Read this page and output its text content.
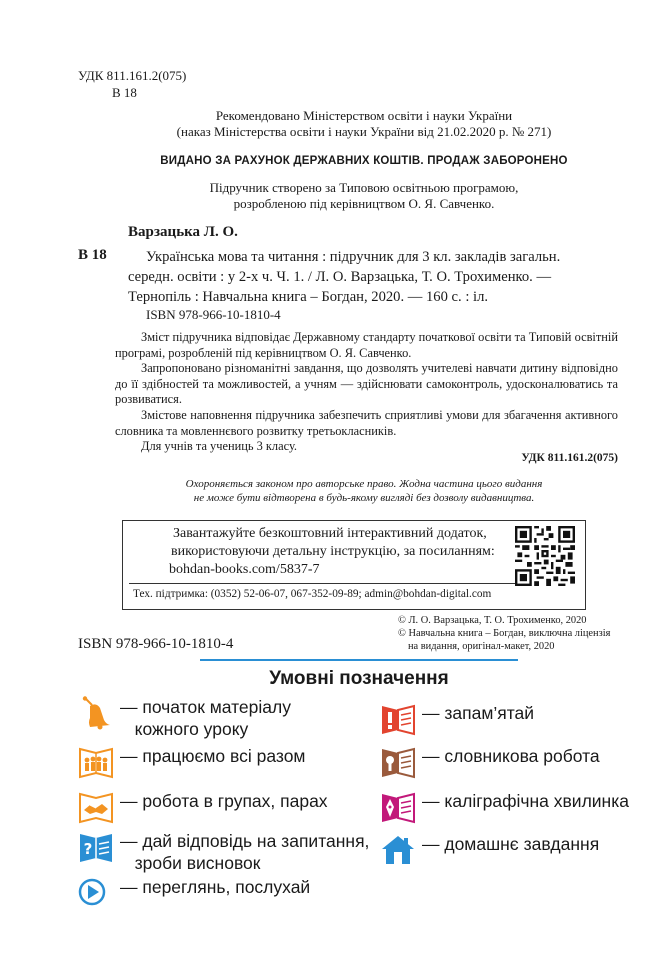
УДК 811.161.2(075)
В 18
Рекомендовано Міністерством освіти і науки України
(наказ Міністерства освіти і науки України від 21.02.2020 р. № 271)
ВИДАНО ЗА РАХУНОК ДЕРЖАВНИХ КОШТІВ. ПРОДАЖ ЗАБОРОНЕНО
Підручник створено за Типовою освітньою програмою,
розробленою під керівництвом О. Я. Савченко.
Варзацька Л. О.
В 18	Українська мова та читання : підручник для 3 кл. закладів загальн.
середн. освіти : у 2-х ч. Ч. 1. / Л. О. Варзацька, Т. О. Трохименко. —
Тернопіль : Навчальна книга – Богдан, 2020. — 160 с. : іл.
ISBN 978-966-10-1810-4

Зміст підручника відповідає Державному стандарту початкової освіти та Типовій освітній програмі, розробленій під керівництвом О. Я. Савченко.

Запропоновано різноманітні завдання, що дозволять учителеві навчати дитину відповідно до її здібностей та можливостей, а учням — здійснювати самоконтроль, удосконалюватись та розвиватися.

Змістове наповнення підручника забезпечить сприятливі умови для збагачення активного словника та мовленнєвого розвитку третьокласників.

Для учнів та учениць 3 класу.

УДК 811.161.2(075)
Охороняється законом про авторське право. Жодна частина цього видання
не може бути відтворена в будь-якому вигляді без дозволу видавництва.
Завантажуйте безкоштовний інтерактивний додаток,
використовуючи детальну інструкцію, за посиланням:
bohdan-books.com/5837-7
Тех. підтримка: (0352) 52-06-07, 067-352-09-89; admin@bohdan-digital.com
© Л. О. Варзацька, Т. О. Трохименко, 2020
© Навчальна книга – Богдан, виключна ліцензія
на видання, оригінал-макет, 2020
ISBN 978-966-10-1810-4
Умовні позначення
— початок матеріалу
кожного уроку
— працюємо всі разом
— робота в групах, парах
? — дай відповідь на запитання,
зроби висновок
— переглянь, послухай
— запам’ятай
— словникова робота
— каліграфічна хвилинка
— домашнє завдання
